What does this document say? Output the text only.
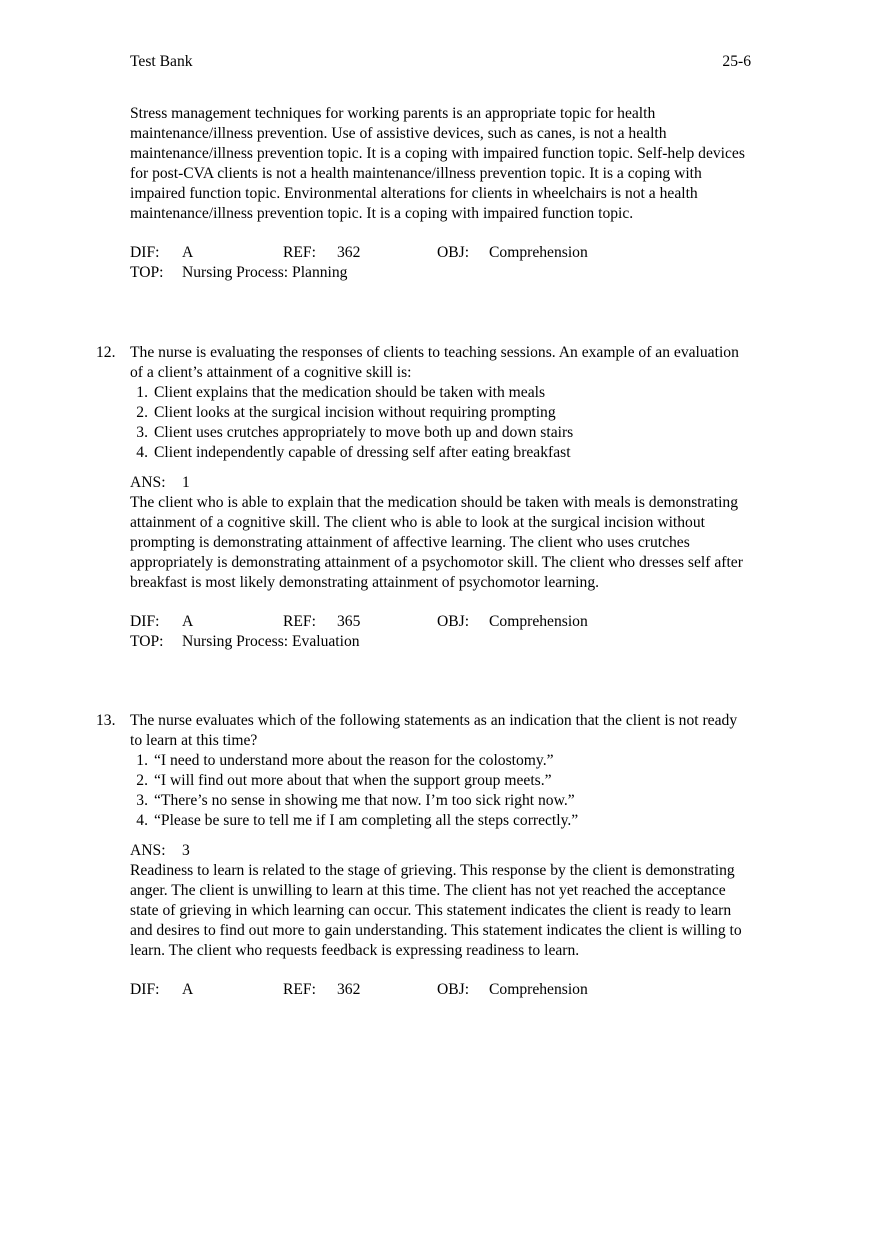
Test Bank	25-6

Stress management techniques for working parents is an appropriate topic for health maintenance/illness prevention. Use of assistive devices, such as canes, is not a health maintenance/illness prevention topic. It is a coping with impaired function topic. Self-help devices for post-CVA clients is not a health maintenance/illness prevention topic. It is a coping with impaired function topic. Environmental alterations for clients in wheelchairs is not a health maintenance/illness prevention topic. It is a coping with impaired function topic.

DIF: A	REF: 362	OBJ: Comprehension
TOP: Nursing Process: Planning
12. The nurse is evaluating the responses of clients to teaching sessions. An example of an evaluation of a client’s attainment of a cognitive skill is:

1. Client explains that the medication should be taken with meals
2. Client looks at the surgical incision without requiring prompting
3. Client uses crutches appropriately to move both up and down stairs
4. Client independently capable of dressing self after eating breakfast
ANS: 1

The client who is able to explain that the medication should be taken with meals is demonstrating attainment of a cognitive skill. The client who is able to look at the surgical incision without prompting is demonstrating attainment of affective learning. The client who uses crutches appropriately is demonstrating attainment of a psychomotor skill. The client who dresses self after breakfast is most likely demonstrating attainment of psychomotor learning.

DIF: A	REF: 365	OBJ: Comprehension
TOP: Nursing Process: Evaluation
13. The nurse evaluates which of the following statements as an indication that the client is not ready to learn at this time?

1. “I need to understand more about the reason for the colostomy.”
2. “I will find out more about that when the support group meets.”
3. “There’s no sense in showing me that now. I’m too sick right now.”
4. “Please be sure to tell me if I am completing all the steps correctly.”
ANS: 3

Readiness to learn is related to the stage of grieving. This response by the client is demonstrating anger. The client is unwilling to learn at this time. The client has not yet reached the acceptance state of grieving in which learning can occur. This statement indicates the client is ready to learn and desires to find out more to gain understanding. This statement indicates the client is willing to learn. The client who requests feedback is expressing readiness to learn.

DIF: A	REF: 362	OBJ: Comprehension
